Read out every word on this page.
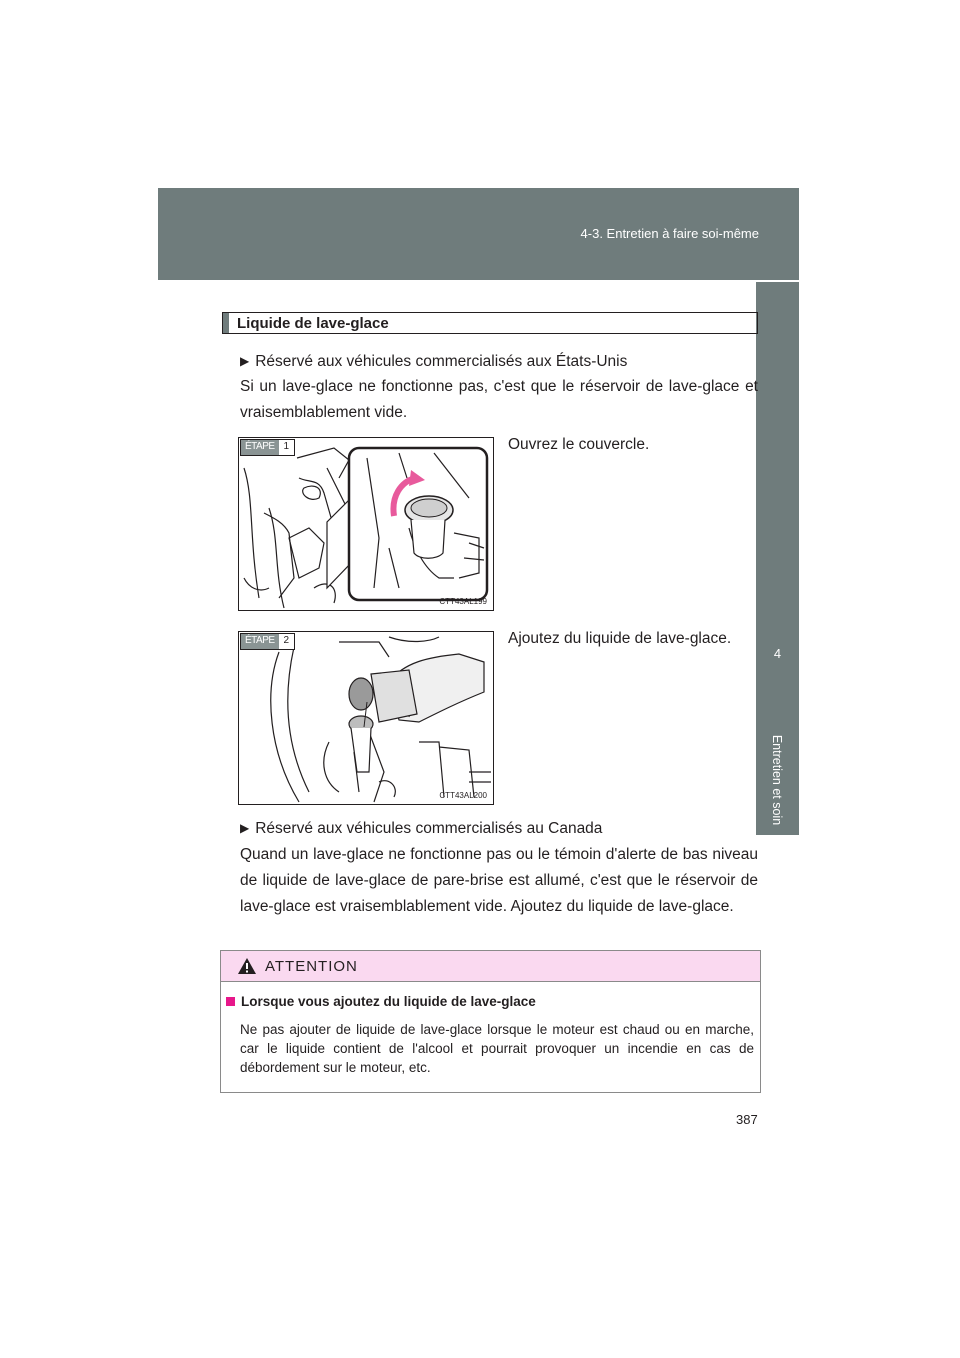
4-3. Entretien à faire soi-même
4
Entretien et soin
Liquide de lave-glace
▶ Réservé aux véhicules commercialisés aux États-Unis
Si un lave-glace ne fonctionne pas, c'est que le réservoir de lave-glace et vraisemblablement vide.
ÉTAPE 1
CTT43AL199
Ouvrez le couvercle.
ÉTAPE 2
CTT43AL200
Ajoutez du liquide de lave-glace.
▶ Réservé aux véhicules commercialisés au Canada
Quand un lave-glace ne fonctionne pas ou le témoin d'alerte de bas niveau de liquide de lave-glace de pare-brise est allumé, c'est que le réservoir de lave-glace est vraisemblablement vide. Ajoutez du liquide de lave-glace.
ATTENTION
Lorsque vous ajoutez du liquide de lave-glace
Ne pas ajouter de liquide de lave-glace lorsque le moteur est chaud ou en marche, car le liquide contient de l'alcool et pourrait provoquer un incendie en cas de débordement sur le moteur, etc.
387
